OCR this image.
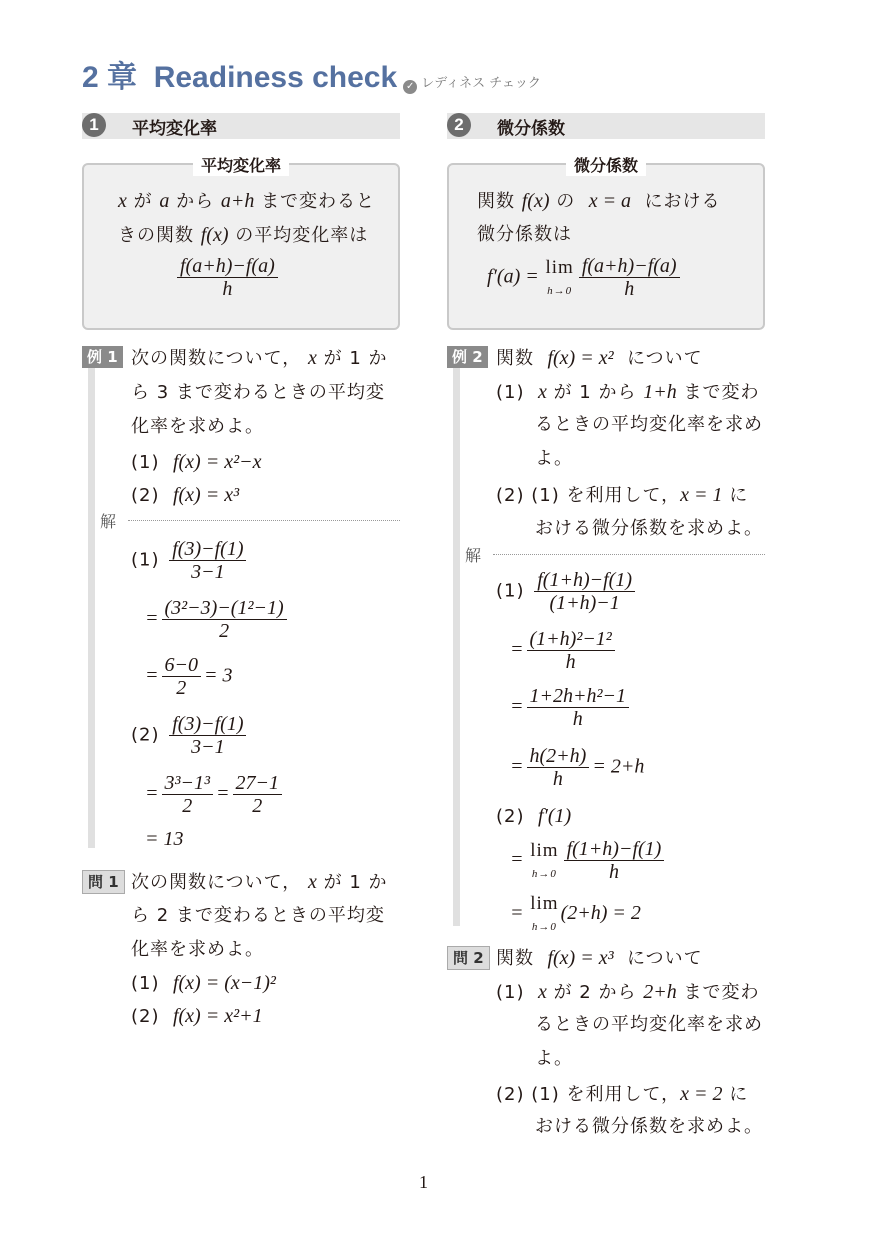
2 章 Readiness check ✓ レディネス チェック
1	平均変化率	2	微分係数
平均変化率
x が a から a+h まで変わると
きの関数 f(x) の平均変化率は
$\frac{f(a+h)-f(a)}{h}$
微分係数
関数 f(x) の x = a における
微分係数は
f′(a) = lim
$h\to 0 \frac{f(a+h)-f(a)}{h}$
例 1 次の関数について， x が 1 か
ら 3 まで変わるときの平均変
化率を求めよ。
(1) f(x) = x²−x
(2) f(x) = x³
解
$(1) \frac{f(3)-f(1)}{3-1}$
= $\frac{\text{(3²−3)−(1²−1)}}{2}$
= $\frac{6-0}{2} = 3$
$(2) \frac{f(3)-f(1)}{3-1}$
= $\frac{\text{3³−1³}}{2} = \frac{27-1}{2}$
= 13
問 1 次の関数について， x が 1 か
ら 2 まで変わるときの平均変
化率を求めよ。
(1) f(x) = (x−1)²
(2) f(x) = x²+1
例 2 関数 f(x) = x² について
(1) x が 1 から 1+h まで変わ
るときの平均変化率を求め
よ。
(2) (1) を利用して，x = 1 に
おける微分係数を求めよ。
解
$(1) \frac{f(1+h)-f(1)}{(1+h)-1}$
= $\frac{\text{(1+h)²−1²}}{h}$
= $\frac{\text{1+2h+h²−1}}{h}$
= $\frac{h(2+h)}{h} = 2+h$
(2) f′(1)
= lim
$h\to 0 \frac{f(1+h)-f(1)}{h}$
= lim
h→0
(2+h) = 2
問 2 関数 f(x) = x³ について
(1) x が 2 から 2+h まで変わ
るときの平均変化率を求め
よ。
(2) (1) を利用して，x = 2 に
おける微分係数を求めよ。
1
